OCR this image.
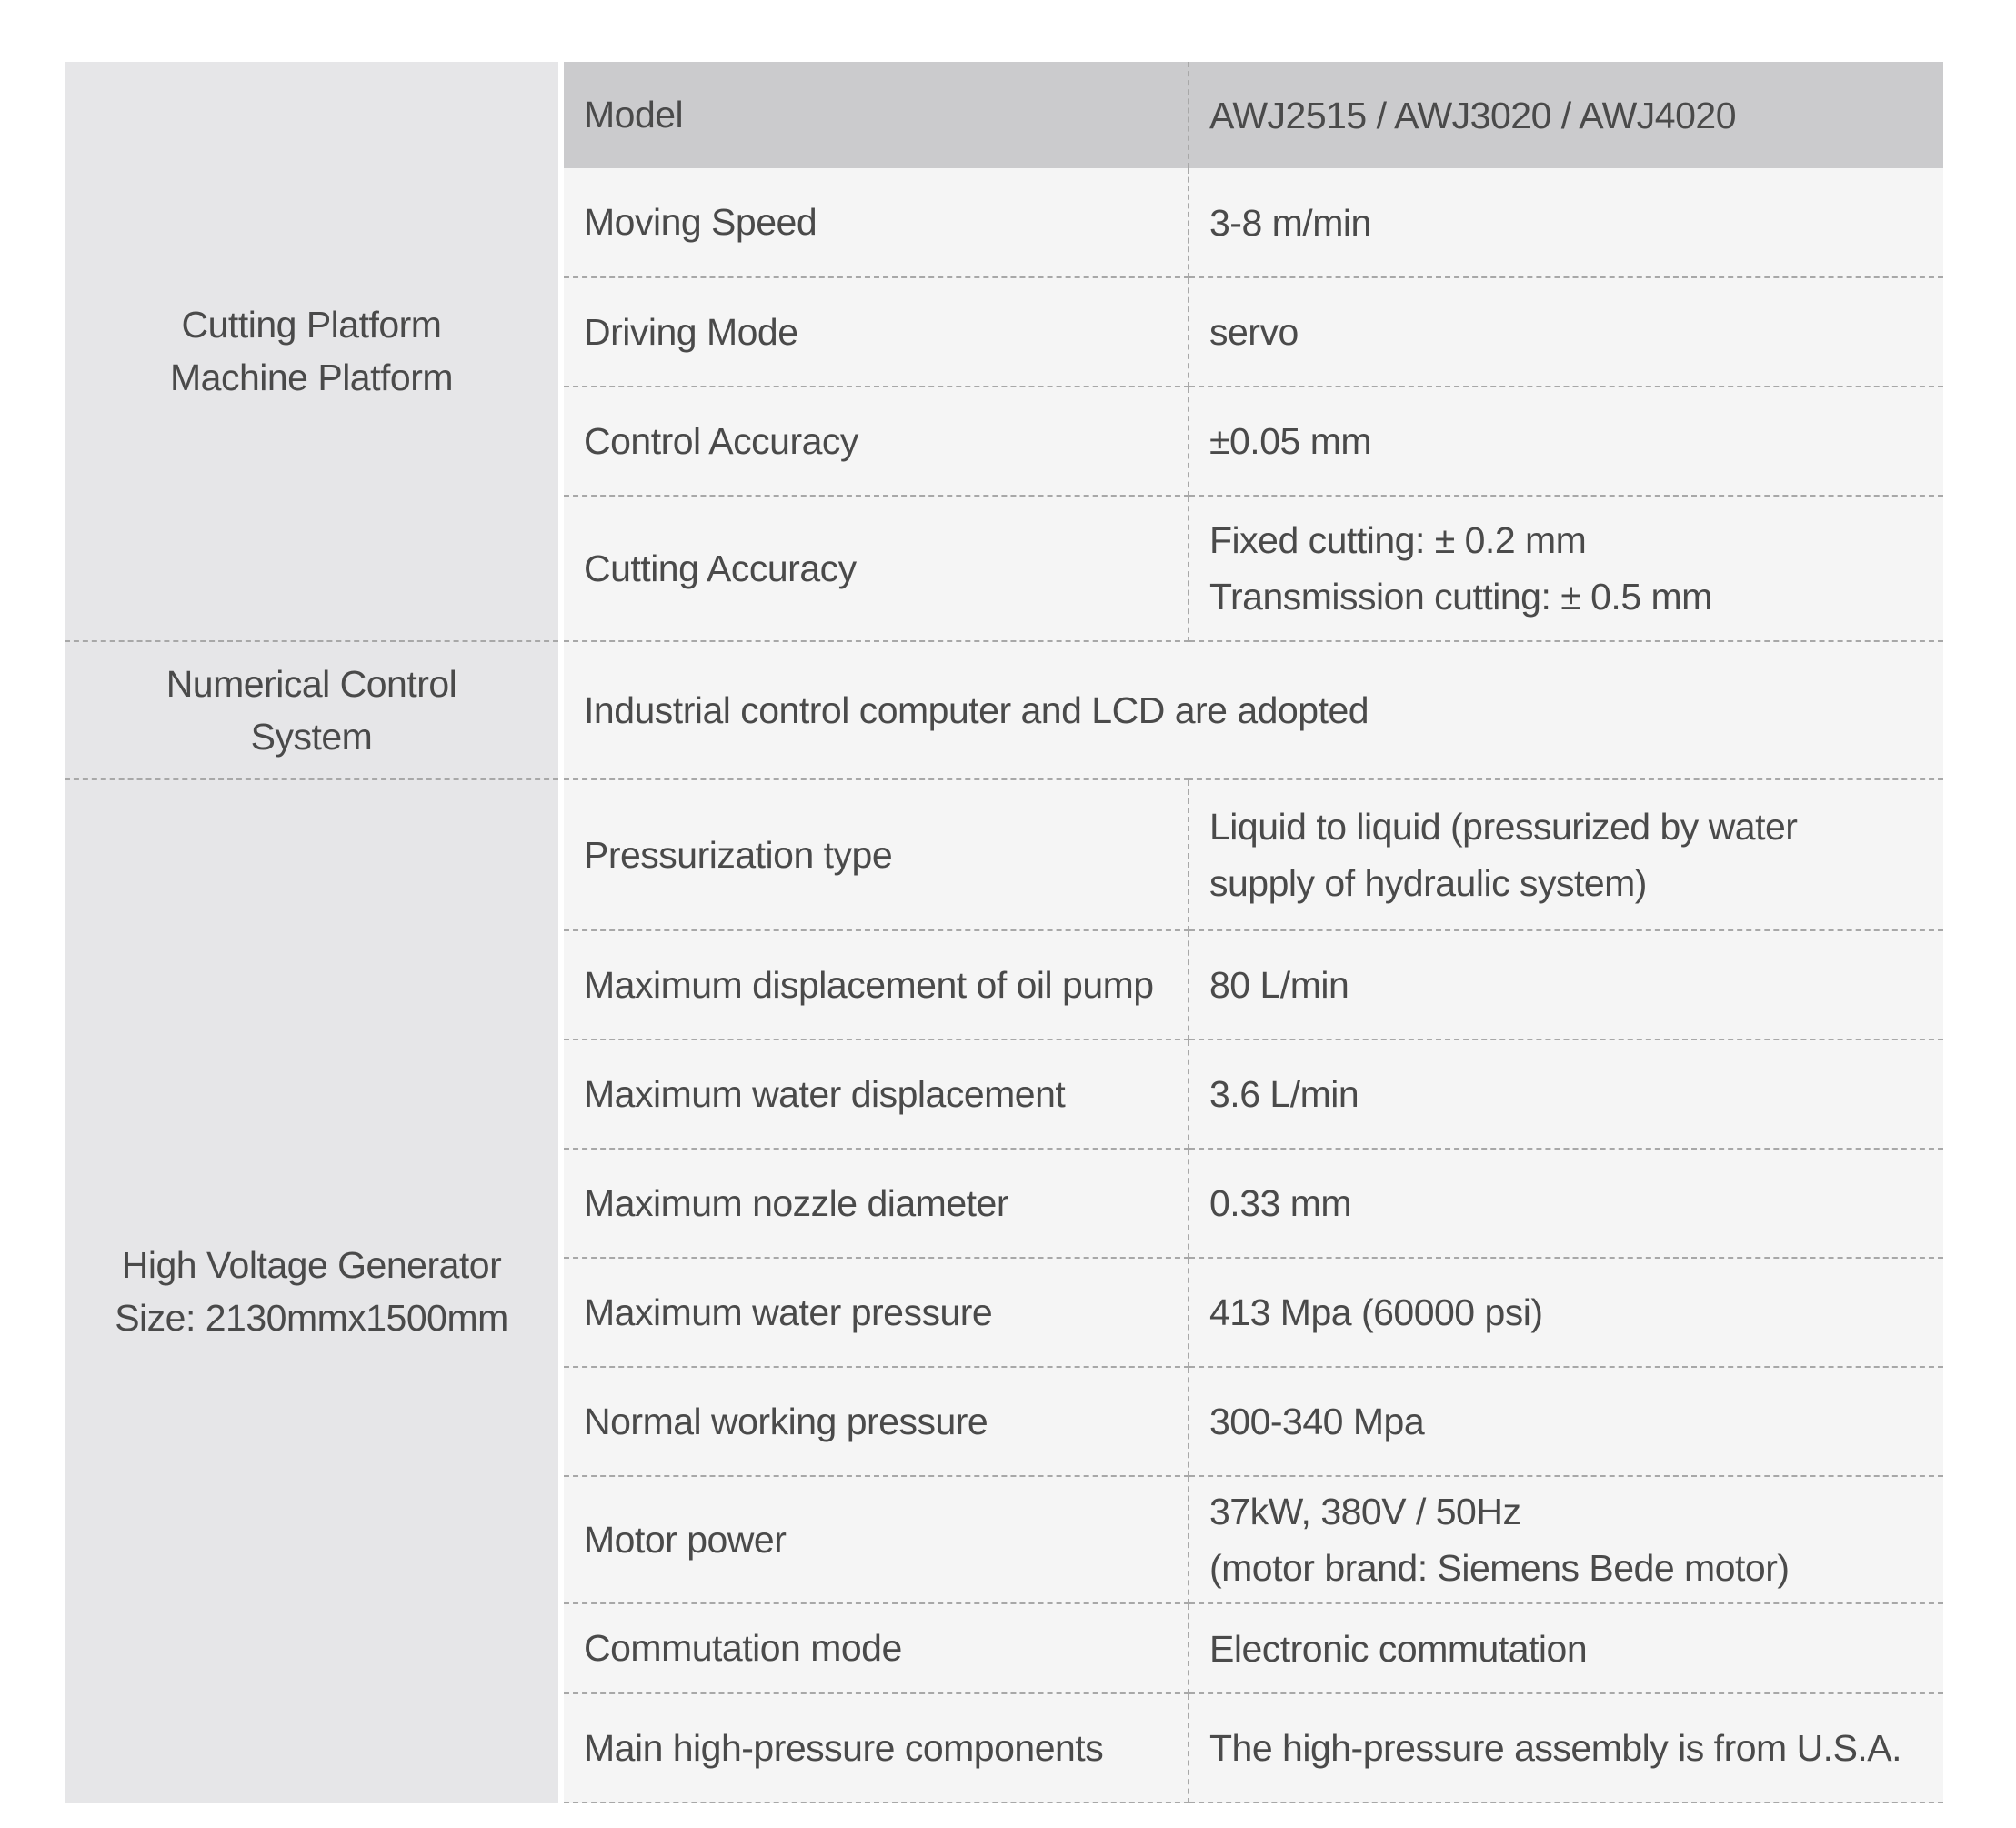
Cutting Platform
Machine Platform	Model	AWJ2515 / AWJ3020 / AWJ4020

	Moving Speed	3-8 m/min

	Driving Mode	servo

	Control Accuracy	±0.05 mm

	Cutting Accuracy	Fixed cutting: ± 0.2 mm
Transmission cutting: ± 0.5 mm

Numerical Control
System	Industrial control computer and LCD are adopted	
High Voltage Generator
Size: 2130mmx1500mm	Pressurization type	Liquid to liquid (pressurized by water
supply of hydraulic system)

	Maximum displacement of oil pump	80 L/min

	Maximum water displacement	3.6 L/min

	Maximum nozzle diameter	0.33 mm

	Maximum water pressure	413 Mpa (60000 psi)

	Normal working pressure	300-340 Mpa

	Motor power	37kW, 380V / 50Hz
(motor brand: Siemens Bede motor)

	Commutation mode	Electronic commutation

	Main high-pressure components	The high-pressure assembly is from U.S.A.
